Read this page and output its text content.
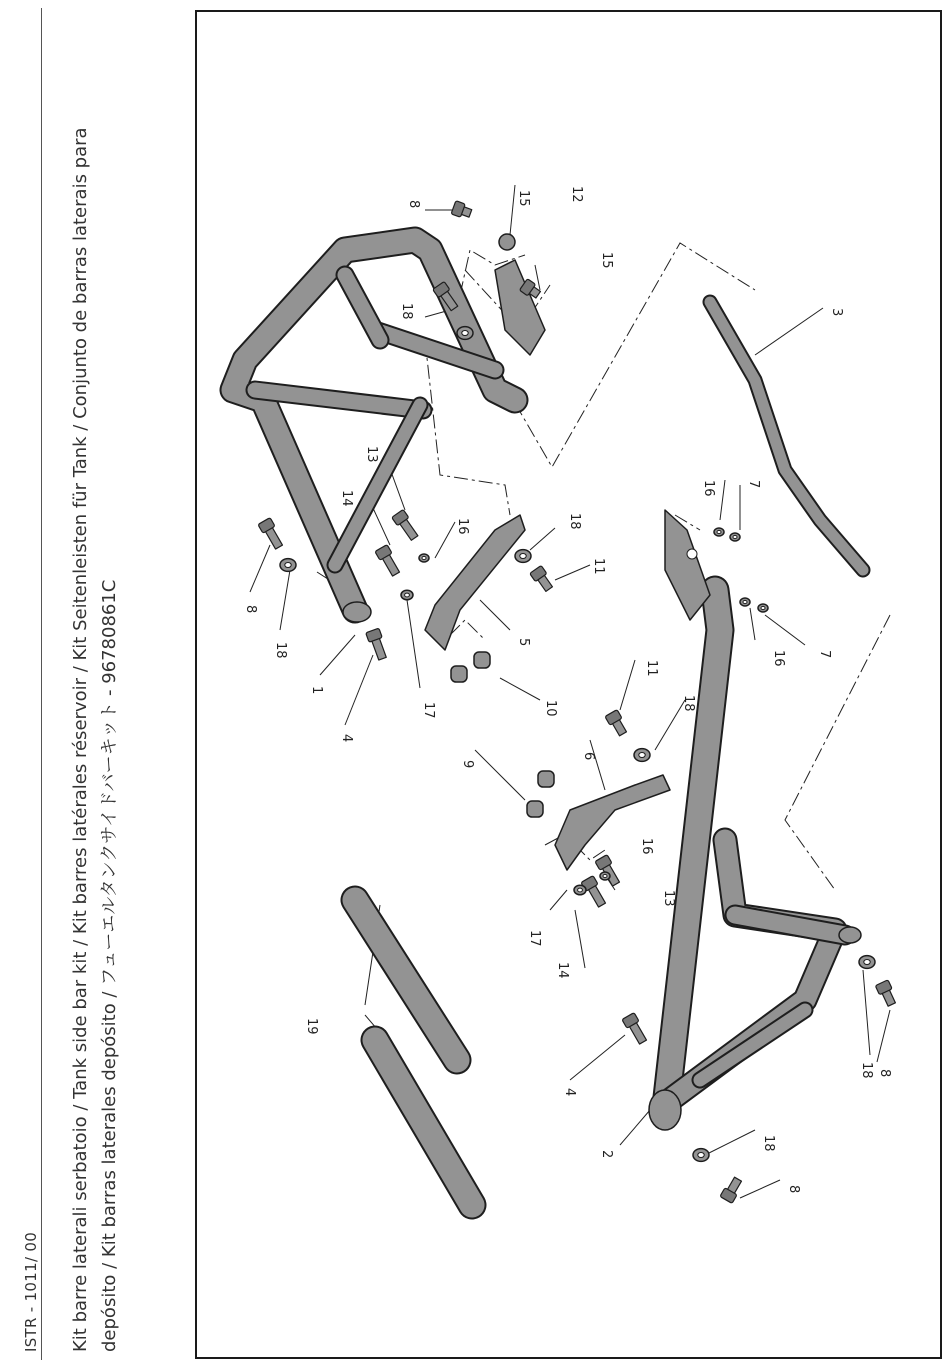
ISTR - 1011/ 00 Kit barre laterali serbatoio / Tank side bar kit / Kit barres latérales réservoir / Kit Seitenleisten für Tank / Conjunto de barras laterais para depósito / Kit barras laterales depósito / フューエルタンクサイドバーキット - 96780861C
8	15	12
18
15
3
13
14
16	18
11
16 7
8
18
1
4
17
5
10
16 7
9
11
18
6
16
17
13
14
19
4
2
18
8
18 8
